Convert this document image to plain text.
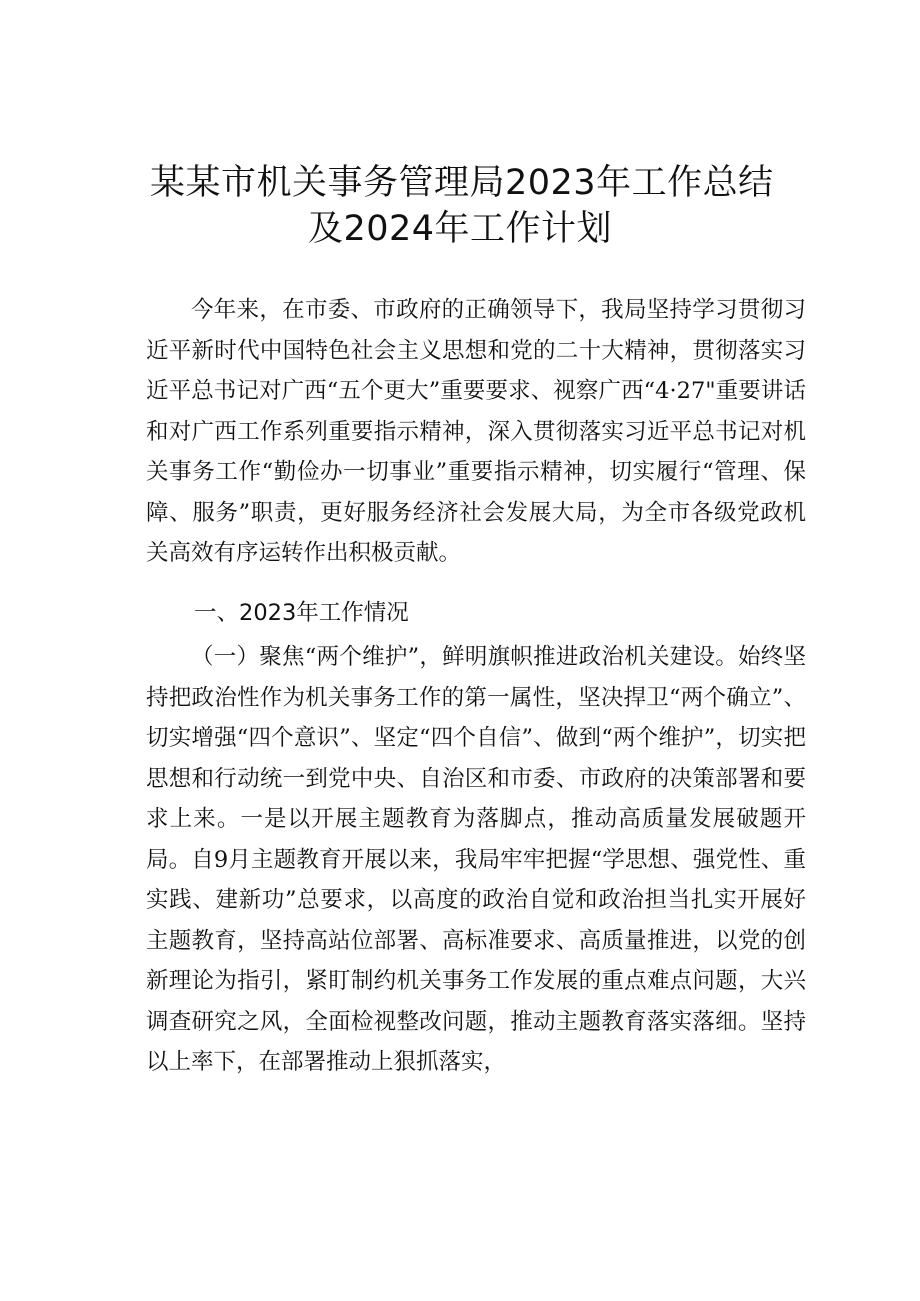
某某市机关事务管理局2023年工作总结
及2024年工作计划

今年来，在市委、市政府的正确领导下，我局坚持学习贯彻习近平新时代中国特色社会主义思想和党的二十大精神，贯彻落实习近平总书记对广西“五个更大”重要要求、视察广西“4·27"重要讲话和对广西工作系列重要指示精神，深入贯彻落实习近平总书记对机关事务工作“勤俭办一切事业”重要指示精神，切实履行“管理、保障、服务”职责，更好服务经济社会发展大局，为全市各级党政机关高效有序运转作出积极贡献。

一、2023年工作情况

（一）聚焦“两个维护”，鲜明旗帜推进政治机关建设。始终坚持把政治性作为机关事务工作的第一属性，坚决捍卫“两个确立”、切实增强“四个意识”、坚定“四个自信”、做到“两个维护”，切实把思想和行动统一到党中央、自治区和市委、市政府的决策部署和要求上来。一是以开展主题教育为落脚点，推动高质量发展破题开局。自9月主题教育开展以来，我局牢牢把握“学思想、强党性、重实践、建新功”总要求，以高度的政治自觉和政治担当扎实开展好主题教育，坚持高站位部署、高标准要求、高质量推进，以党的创新理论为指引，紧盯制约机关事务工作发展的重点难点问题，大兴调查研究之风，全面检视整改问题，推动主题教育落实落细。坚持以上率下，在部署推动上狠抓落实，
